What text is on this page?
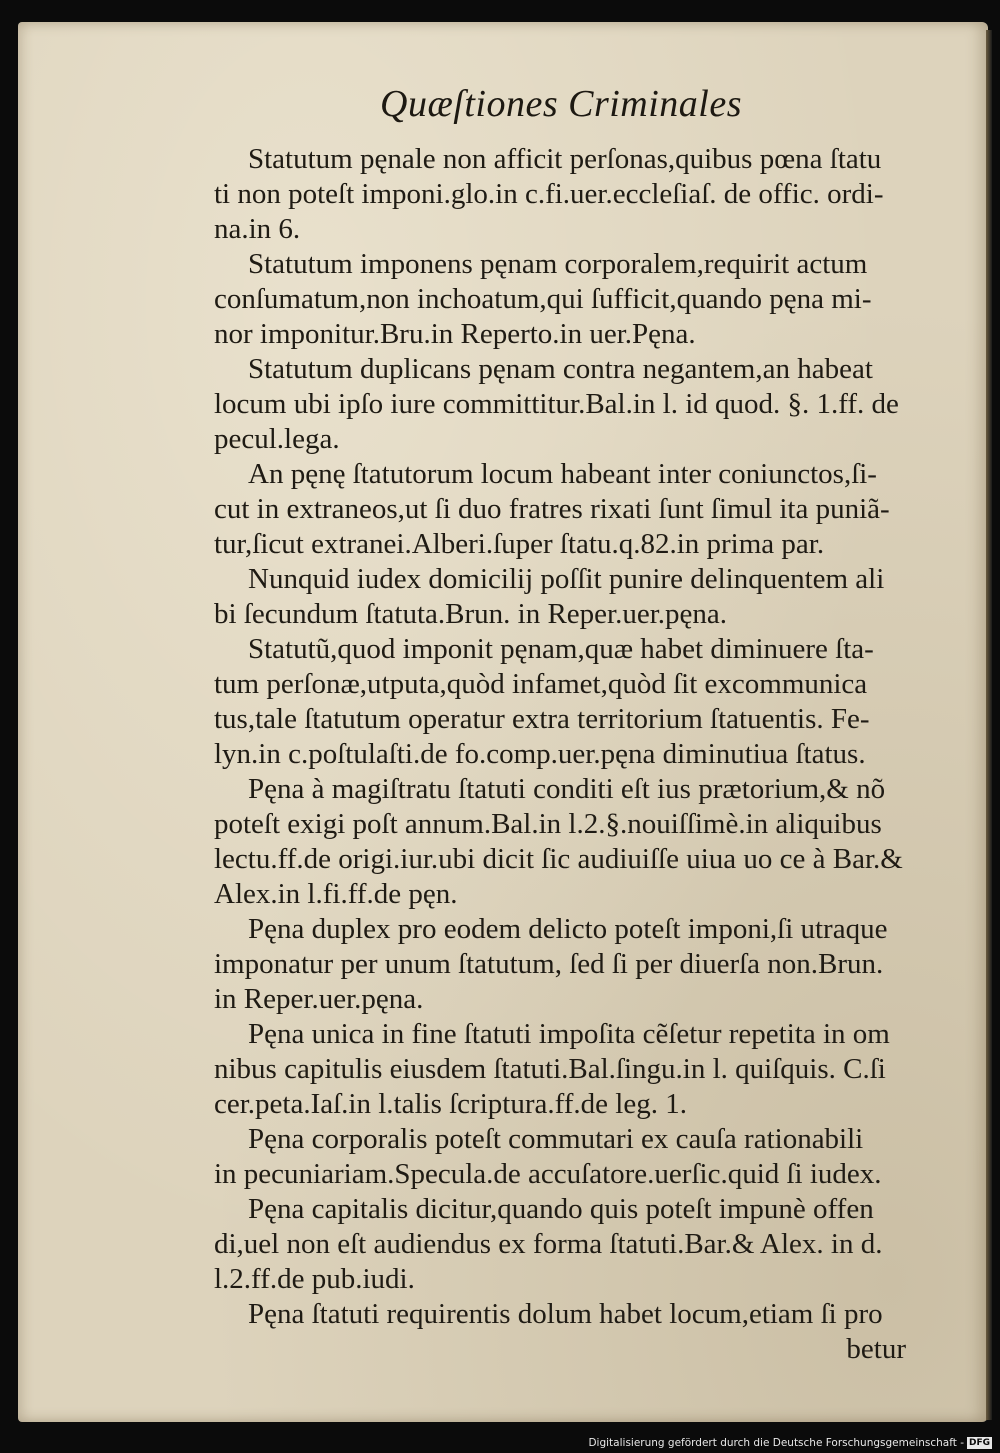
Quæſtiones Criminales
Statutum pęnale non afficit perſonas,quibus pœna ſtatu
ti non poteſt imponi.glo.in c.fi.uer.eccleſiaſ. de offic. ordi-
na.in 6.
Statutum imponens pęnam corporalem,requirit actum
conſumatum,non inchoatum,qui ſufficit,quando pęna mi-
nor imponitur.Bru.in Reperto.in uer.Pęna.
Statutum duplicans pęnam contra negantem,an habeat
locum ubi ipſo iure committitur.Bal.in l. id quod. §. 1.ff. de
pecul.lega.
An pęnę ſtatutorum locum habeant inter coniunctos,ſi-
cut in extraneos,ut ſi duo fratres rixati ſunt ſimul ita puniã-
tur,ſicut extranei.Alberi.ſuper ſtatu.q.82.in prima par.
Nunquid iudex domicilij poſſit punire delinquentem ali
bi ſecundum ſtatuta.Brun. in Reper.uer.pęna.
Statutũ,quod imponit pęnam,quæ habet diminuere ſta-
tum perſonæ,utputa,quòd infamet,quòd ſit excommunica
tus,tale ſtatutum operatur extra territorium ſtatuentis. Fe-
lyn.in c.poſtulaſti.de fo.comp.uer.pęna diminutiua ſtatus.
Pęna à magiſtratu ſtatuti conditi eſt ius prætorium,& nõ
poteſt exigi poſt annum.Bal.in l.2.§.nouiſſimè.in aliquibus
lectu.ff.de origi.iur.ubi dicit ſic audiuiſſe uiua uo ce à Bar.&
Alex.in l.fi.ff.de pęn.
Pęna duplex pro eodem delicto poteſt imponi,ſi utraque
imponatur per unum ſtatutum, ſed ſi per diuerſa non.Brun.
in Reper.uer.pęna.
Pęna unica in fine ſtatuti impoſita cẽſetur repetita in om
nibus capitulis eiusdem ſtatuti.Bal.ſingu.in l. quiſquis. C.ſi
cer.peta.Iaſ.in l.talis ſcriptura.ff.de leg. 1.
Pęna corporalis poteſt commutari ex cauſa rationabili
in pecuniariam.Specula.de accuſatore.uerſic.quid ſi iudex.
Pęna capitalis dicitur,quando quis poteſt impunè offen
di,uel non eſt audiendus ex forma ſtatuti.Bar.& Alex. in d.
l.2.ff.de pub.iudi.
Pęna ſtatuti requirentis dolum habet locum,etiam ſi pro
betur
Digitalisierung gefördert durch die Deutsche Forschungsgemeinschaft - DFG
